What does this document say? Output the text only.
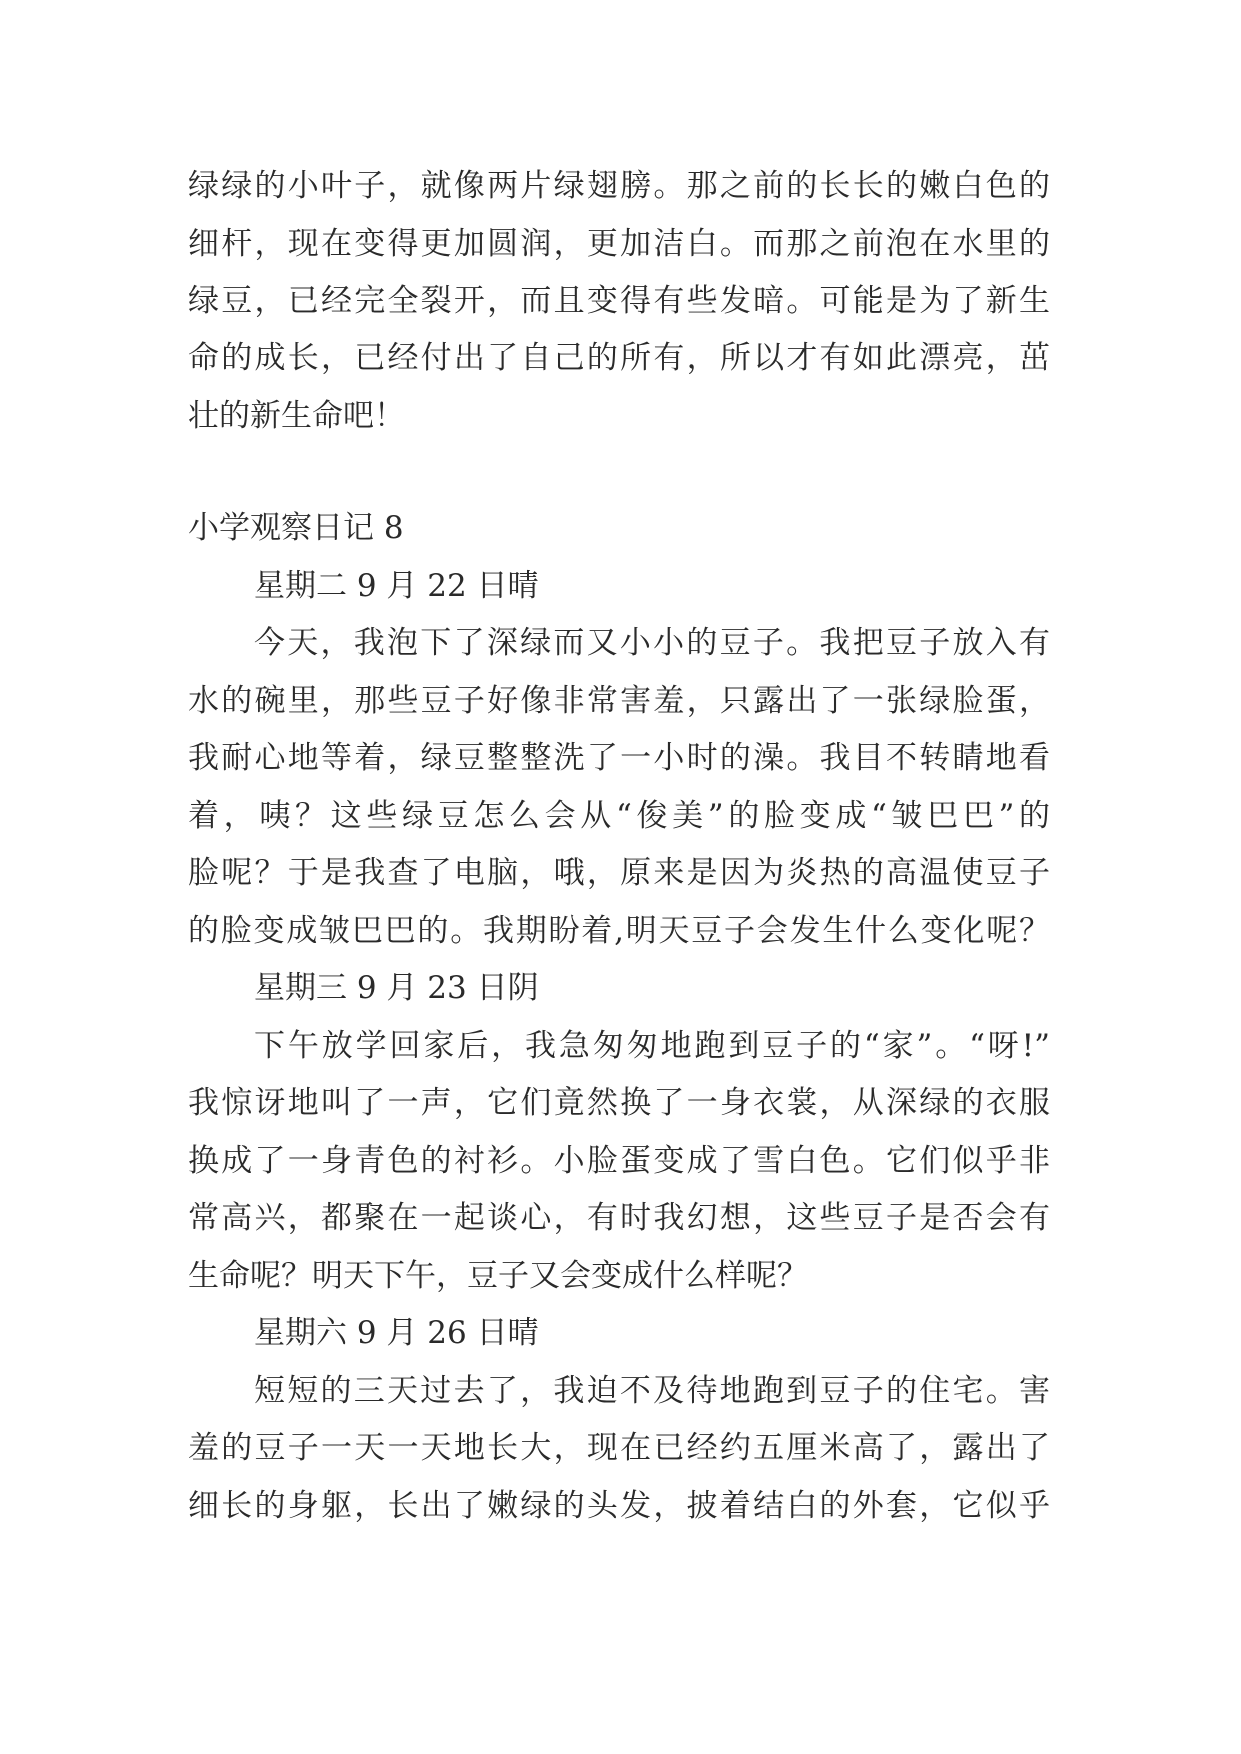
绿绿的小叶子，就像两片绿翅膀。那之前的长长的嫩白色的
细杆，现在变得更加圆润，更加洁白。而那之前泡在水里的
绿豆，已经完全裂开，而且变得有些发暗。可能是为了新生
命的成长，已经付出了自己的所有，所以才有如此漂亮，茁
壮的新生命吧！
小学观察日记 8
星期二 9 月 22 日晴
今天，我泡下了深绿而又小小的豆子。我把豆子放入有
水的碗里，那些豆子好像非常害羞，只露出了一张绿脸蛋，
我耐心地等着，绿豆整整洗了一小时的澡。我目不转睛地看
着，咦？这些绿豆怎么会从“俊美”的脸变成“皱巴巴”的
脸呢？于是我查了电脑，哦，原来是因为炎热的高温使豆子
的脸变成皱巴巴的。我期盼着,明天豆子会发生什么变化呢？
星期三 9 月 23 日阴
下午放学回家后，我急匆匆地跑到豆子的“家”。“呀!”
我惊讶地叫了一声，它们竟然换了一身衣裳，从深绿的衣服
换成了一身青色的衬衫。小脸蛋变成了雪白色。它们似乎非
常高兴，都聚在一起谈心，有时我幻想，这些豆子是否会有
生命呢？明天下午，豆子又会变成什么样呢？
星期六 9 月 26 日晴
短短的三天过去了，我迫不及待地跑到豆子的住宅。害
羞的豆子一天一天地长大，现在已经约五厘米高了，露出了
细长的身躯，长出了嫩绿的头发，披着结白的外套，它似乎
